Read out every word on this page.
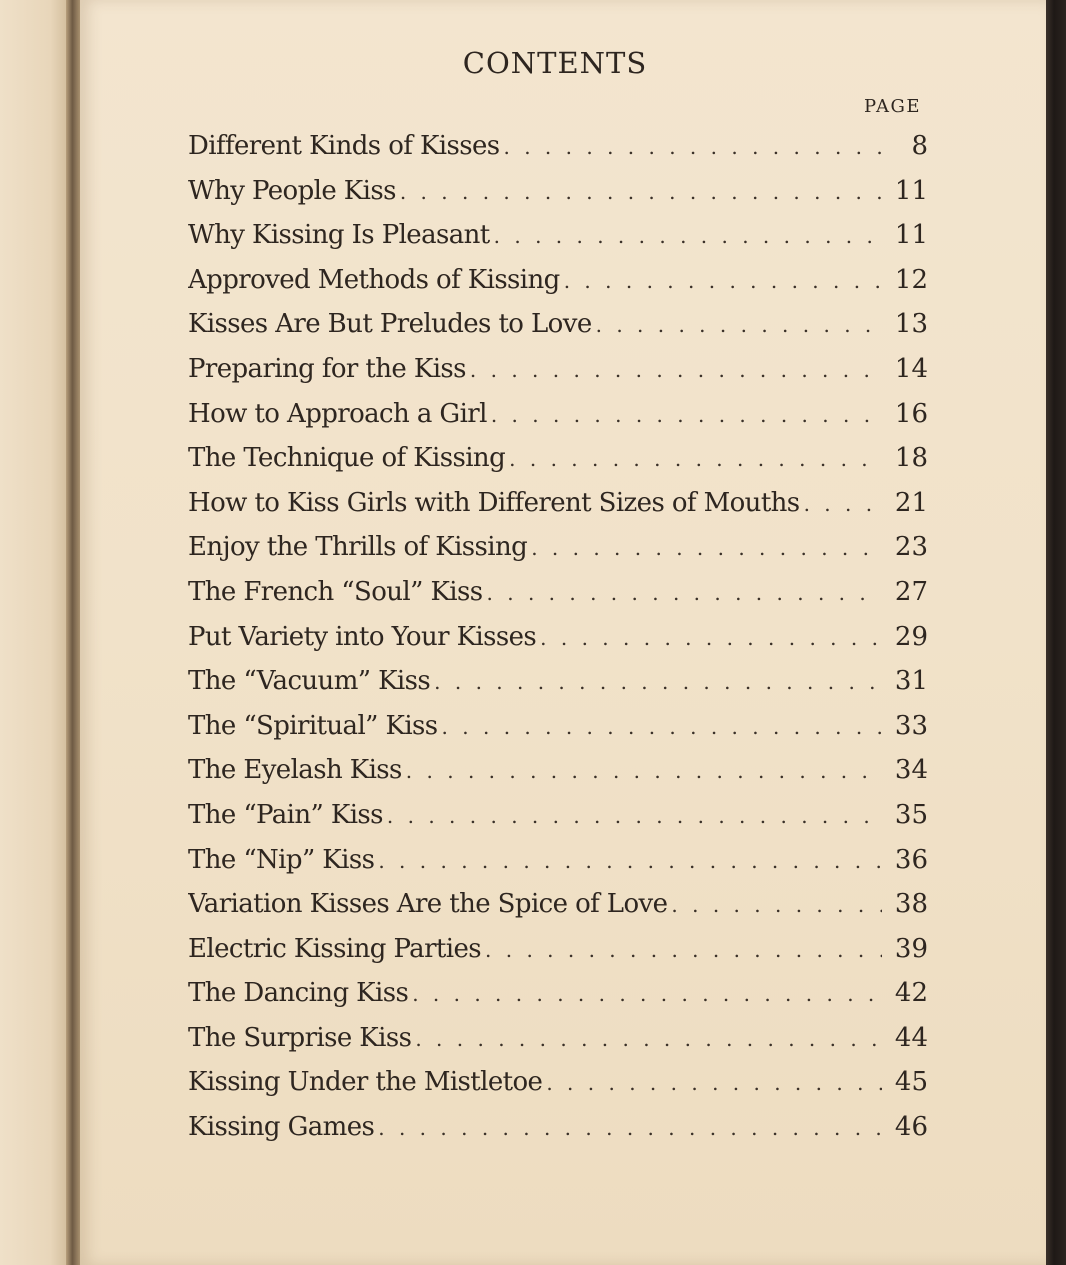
CONTENTS
PAGE
Different Kinds of Kisses . . .	8
Why People Kiss . . .	11
Why Kissing Is Pleasant . . .	11
Approved Methods of Kissing . . .	12
Kisses Are But Preludes to Love . . .	13
Preparing for the Kiss . . .	14
How to Approach a Girl . . .	16
The Technique of Kissing . . .	18
How to Kiss Girls with Different Sizes of Mouths . . .	21
Enjoy the Thrills of Kissing . . .	23
The French “Soul” Kiss . . .	27
Put Variety into Your Kisses . . .	29
The “Vacuum” Kiss . . .	31
The “Spiritual” Kiss . . .	33
The Eyelash Kiss . . .	34
The “Pain” Kiss . . .	35
The “Nip” Kiss . . .	36
Variation Kisses Are the Spice of Love . . .	38
Electric Kissing Parties . . .	39
The Dancing Kiss . . .	42
The Surprise Kiss . . .	44
Kissing Under the Mistletoe . . .	45
Kissing Games . . .	46
